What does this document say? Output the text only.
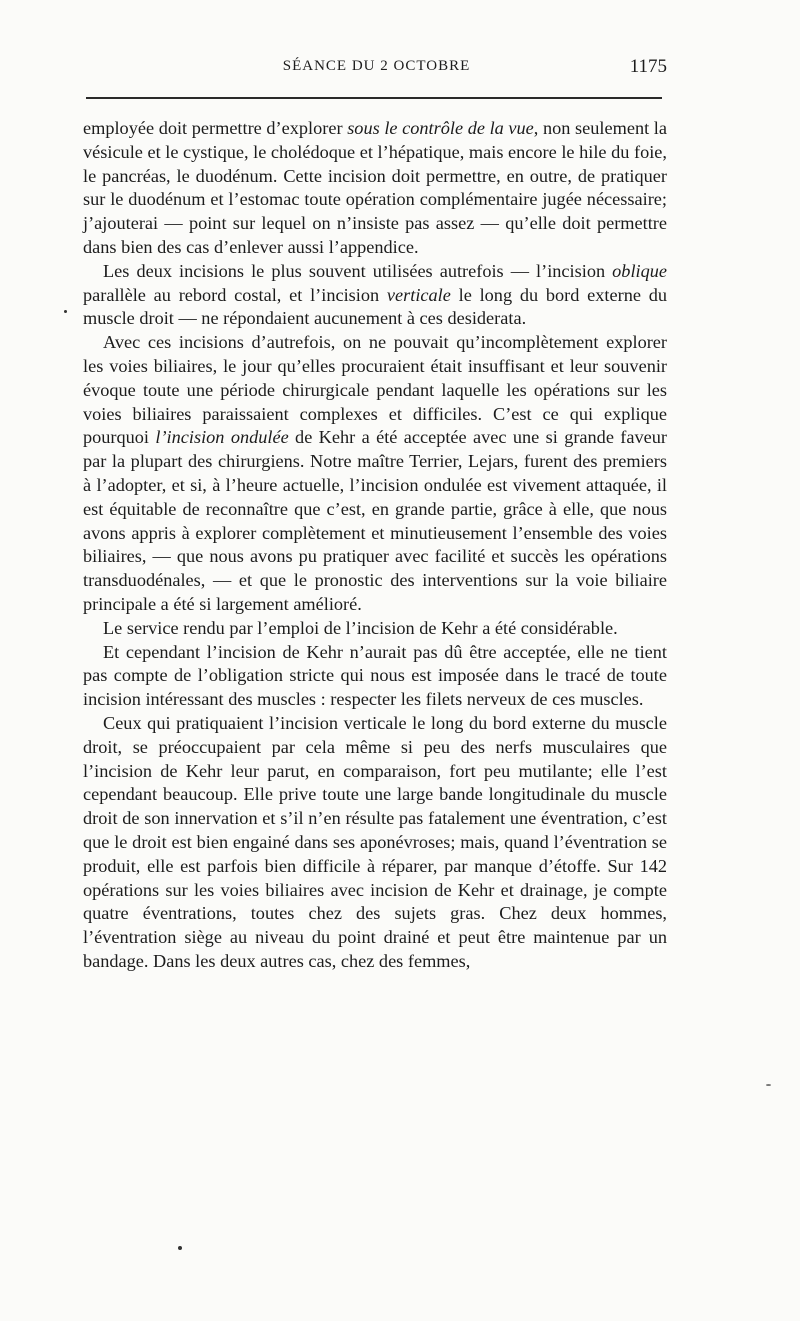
SÉANCE DU 2 OCTOBRE	1175

employée doit permettre d’explorer sous le contrôle de la vue, non seulement la vésicule et le cystique, le cholédoque et l’hépatique, mais encore le hile du foie, le pancréas, le duodénum. Cette incision doit permettre, en outre, de pratiquer sur le duodénum et l’estomac toute opération complémentaire jugée nécessaire; j’ajouterai — point sur lequel on n’insiste pas assez — qu’elle doit permettre dans bien des cas d’enlever aussi l’appendice.

Les deux incisions le plus souvent utilisées autrefois — l’incision oblique parallèle au rebord costal, et l’incision verticale le long du bord externe du muscle droit — ne répondaient aucunement à ces desiderata.

Avec ces incisions d’autrefois, on ne pouvait qu’incomplètement explorer les voies biliaires, le jour qu’elles procuraient était insuffisant et leur souvenir évoque toute une période chirurgicale pendant laquelle les opérations sur les voies biliaires paraissaient complexes et difficiles. C’est ce qui explique pourquoi l’incision ondulée de Kehr a été acceptée avec une si grande faveur par la plupart des chirurgiens. Notre maître Terrier, Lejars, furent des premiers à l’adopter, et si, à l’heure actuelle, l’incision ondulée est vivement attaquée, il est équitable de reconnaître que c’est, en grande partie, grâce à elle, que nous avons appris à explorer complètement et minutieusement l’ensemble des voies biliaires, — que nous avons pu pratiquer avec facilité et succès les opérations transduodénales, — et que le pronostic des interventions sur la voie biliaire principale a été si largement amélioré.

Le service rendu par l’emploi de l’incision de Kehr a été considérable.

Et cependant l’incision de Kehr n’aurait pas dû être acceptée, elle ne tient pas compte de l’obligation stricte qui nous est imposée dans le tracé de toute incision intéressant des muscles : respecter les filets nerveux de ces muscles.

Ceux qui pratiquaient l’incision verticale le long du bord externe du muscle droit, se préoccupaient par cela même si peu des nerfs musculaires que l’incision de Kehr leur parut, en comparaison, fort peu mutilante; elle l’est cependant beaucoup. Elle prive toute une large bande longitudinale du muscle droit de son innervation et s’il n’en résulte pas fatalement une éventration, c’est que le droit est bien engainé dans ses aponévroses; mais, quand l’éventration se produit, elle est parfois bien difficile à réparer, par manque d’étoffe. Sur 142 opérations sur les voies biliaires avec incision de Kehr et drainage, je compte quatre éventrations, toutes chez des sujets gras. Chez deux hommes, l’éventration siège au niveau du point drainé et peut être maintenue par un bandage. Dans les deux autres cas, chez des femmes,
